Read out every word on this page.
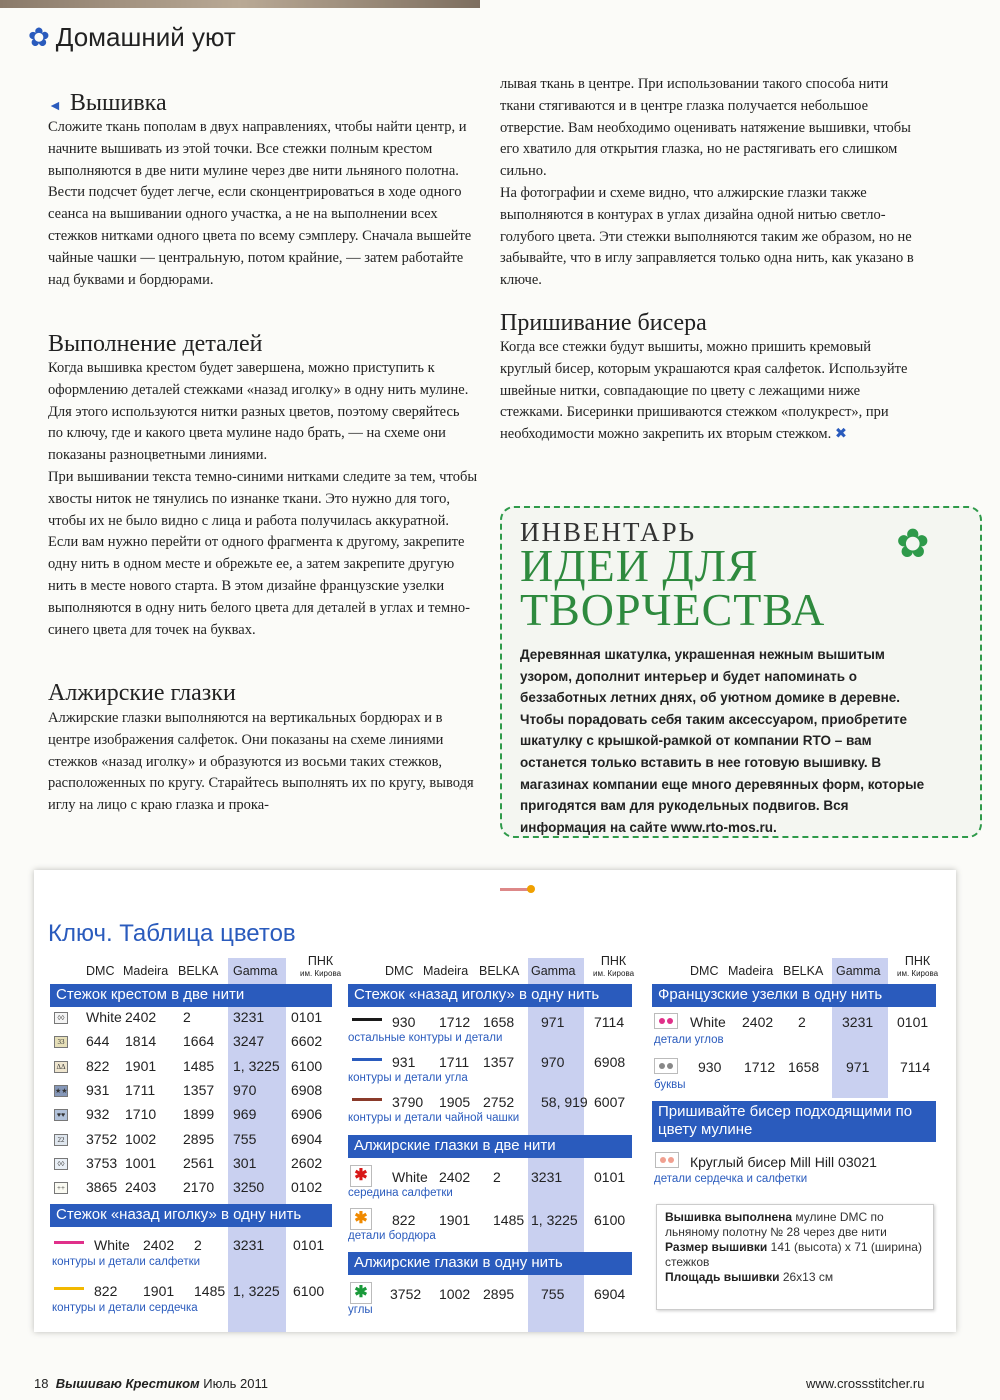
✿ Домашний уют
◄ Вышивка

Сложите ткань пополам в двух направлениях, чтобы найти центр, и начните вышивать из этой точки. Все стежки полным крестом выполняются в две нити мулине через две нити льняного полотна.

Вести подсчет будет легче, если сконцентрироваться в ходе одного сеанса на вышивании одного участка, а не на выполнении всех стежков нитками одного цвета по всему сэмплеру. Сначала вышейте чайные чашки — центральную, потом крайние, — затем работайте над буквами и бордюрами.

Выполнение деталей

Когда вышивка крестом будет завершена, можно приступить к оформлению деталей стежками «назад иголку» в одну нить мулине. Для этого используются нитки разных цветов, поэтому сверяйтесь по ключу, где и какого цвета мулине надо брать, — на схеме они показаны разноцветными линиями.

При вышивании текста темно-синими нитками следите за тем, чтобы хвосты ниток не тянулись по изнанке ткани. Это нужно для того, чтобы их не было видно с лица и работа получилась аккуратной. Если вам нужно перейти от одного фрагмента к другому, закрепите одну нить в одном месте и обрежьте ее, а затем закрепите другую нить в месте нового старта. В этом дизайне французские узелки выполняются в одну нить белого цвета для деталей в углах и темно-синего цвета для точек на буквах.

Алжирские глазки

Алжирские глазки выполняются на вертикальных бордюрах и в центре изображения салфеток. Они показаны на схеме линиями стежков «назад иголку» и образуются из восьми таких стежков, расположенных по кругу. Старайтесь выполнять их по кругу, выводя иглу на лицо с краю глазка и прока-

лывая ткань в центре. При использовании такого способа нити ткани стягиваются и в центре глазка получается небольшое отверстие. Вам необходимо оценивать натяжение вышивки, чтобы его хватило для открытия глазка, но не растягивать его слишком сильно.

На фотографии и схеме видно, что алжирские глазки также выполняются в контурах в углах дизайна одной нитью светло-голубого цвета. Эти стежки выполняются таким же образом, но не забывайте, что в иглу заправляется только одна нить, как указано в ключе.

Пришивание бисера

Когда все стежки будут вышиты, можно пришить кремовый круглый бисер, которым украшаются края салфеток. Используйте швейные нитки, совпадающие по цвету с лежащими ниже стежками. Бисеринки пришиваются стежком «полукрест», при необходимости можно закрепить их вторым стежком. ✖

ИНВЕНТАРЬ
ИДЕИ ДЛЯ
ТВОРЧЕСТВА
✿
Деревянная шкатулка, украшенная нежным вышитым узором, дополнит интерьер и будет напоминать о беззаботных летних днях, об уютном домике в деревне. Чтобы порадовать себя таким аксессуаром, приобретите шкатулку с крышкой-рамкой от компании RTO – вам останется только вставить в нее готовую вышивку. В магазинах компании еще много деревянных форм, которые пригодятся вам для рукодельных подвигов. Вся информация на сайте www.rto-mos.ru.
Ключ. Таблица цветов
DMC Madeira BELKA Gamma
ПНК
им. Кирова	DMC Madeira BELKA Gamma
ПНК
им. Кирова	DMC Madeira BELKA Gamma
ПНК
им. Кирова
Стежок крестом в две нити
Стежок «назад иголку» в одну нить
Стежок «назад иголку» в одну нить
Алжирские глазки в две нити
Алжирские глазки в одну нить
Французские узелки в одну нить
Пришивайте бисер подходящими по цвету мулине
◊◊ White 2402 2	3231 0101
33 644 1814 1664 3247 6602
ΔΔ 822 1901 1485 1, 3225 6100
★★ 931 1711 1357 970 6908
♥♥ 932 1710 1899 969 6906
22 3752 1002 2895 755 6904
◊◊ 3753 1001 2561 301 2602
++ 3865 2403 2170 3250 0102
White 2402 2 3231 0101
контуры и детали салфетки
822 1901 1485 1, 3225 6100
контуры и детали сердечка
930 1712 1658 971 7114
остальные контуры и детали
931 1711 1357 970 6908
контуры и детали угла
3790 1905 2752 58, 919 6007
контуры и детали чайной чашки
✱	White 2402 2 3231 0101
середина салфетки
✱	822 1901 1485 1, 3225 6100
детали бордюра
✱	3752 1002 2895 755 6904
углы
White 2402 2	3231 0101
детали углов
930 1712 1658 971 7114
буквы
Круглый бисер Mill Hill 03021
детали сердечка и салфетки
Вышивка выполнена мулине DMC по льняному полотну № 28 через две нити
Размер вышивки 141 (высота) x 71 (ширина) стежков
Площадь вышивки 26x13 см
18 Вышиваю Крестиком Июль 2011	www.crossstitcher.ru
